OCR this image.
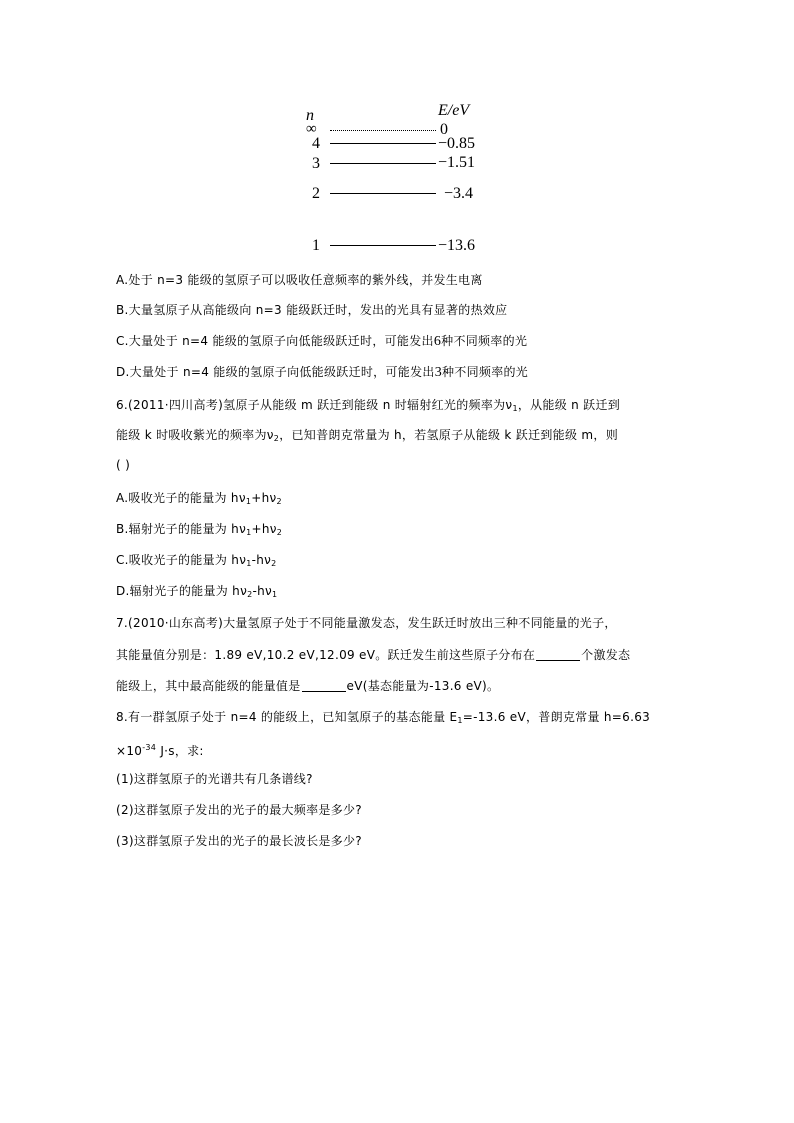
n	E/eV
∞	0
4	−0.85
3	−1.51
2	−3.4
1	−13.6
A.处于 n=3 能级的氢原子可以吸收任意频率的紫外线，并发生电离
B.大量氢原子从高能级向 n=3 能级跃迁时，发出的光具有显著的热效应
C.大量处于 n=4 能级的氢原子向低能级跃迁时，可能发出6种不同频率的光
D.大量处于 n=4 能级的氢原子向低能级跃迁时，可能发出3种不同频率的光
6.(2011·四川高考)氢原子从能级 m 跃迁到能级 n 时辐射红光的频率为$\nu_1$，从能级 n 跃迁到
能级 k 时吸收紫光的频率为$\nu_2$，已知普朗克常量为 h，若氢原子从能级 k 跃迁到能级 m，则
( )
A.吸收光子的能量为 $h\nu_1+h\nu_2$
B.辐射光子的能量为 $h\nu_1+h\nu_2$
C.吸收光子的能量为 $h\nu_1-h\nu_2$
D.辐射光子的能量为 $h\nu_2-h\nu_1$
7.(2010·山东高考)大量氢原子处于不同能量激发态，发生跃迁时放出三种不同能量的光子，
其能量值分别是：1.89 eV,10.2 eV,12.09 eV。跃迁发生前这些原子分布在	个激发态
能级上，其中最高能级的能量值是	eV(基态能量为-13.6 eV)。
8.有一群氢原子处于 n=4 的能级上，已知氢原子的基态能量 $E_1=-13.6$ eV，普朗克常量 h=6.63
$\times 10^{-34}$ J·s，求:
(1)这群氢原子的光谱共有几条谱线?
(2)这群氢原子发出的光子的最大频率是多少?
(3)这群氢原子发出的光子的最长波长是多少?
